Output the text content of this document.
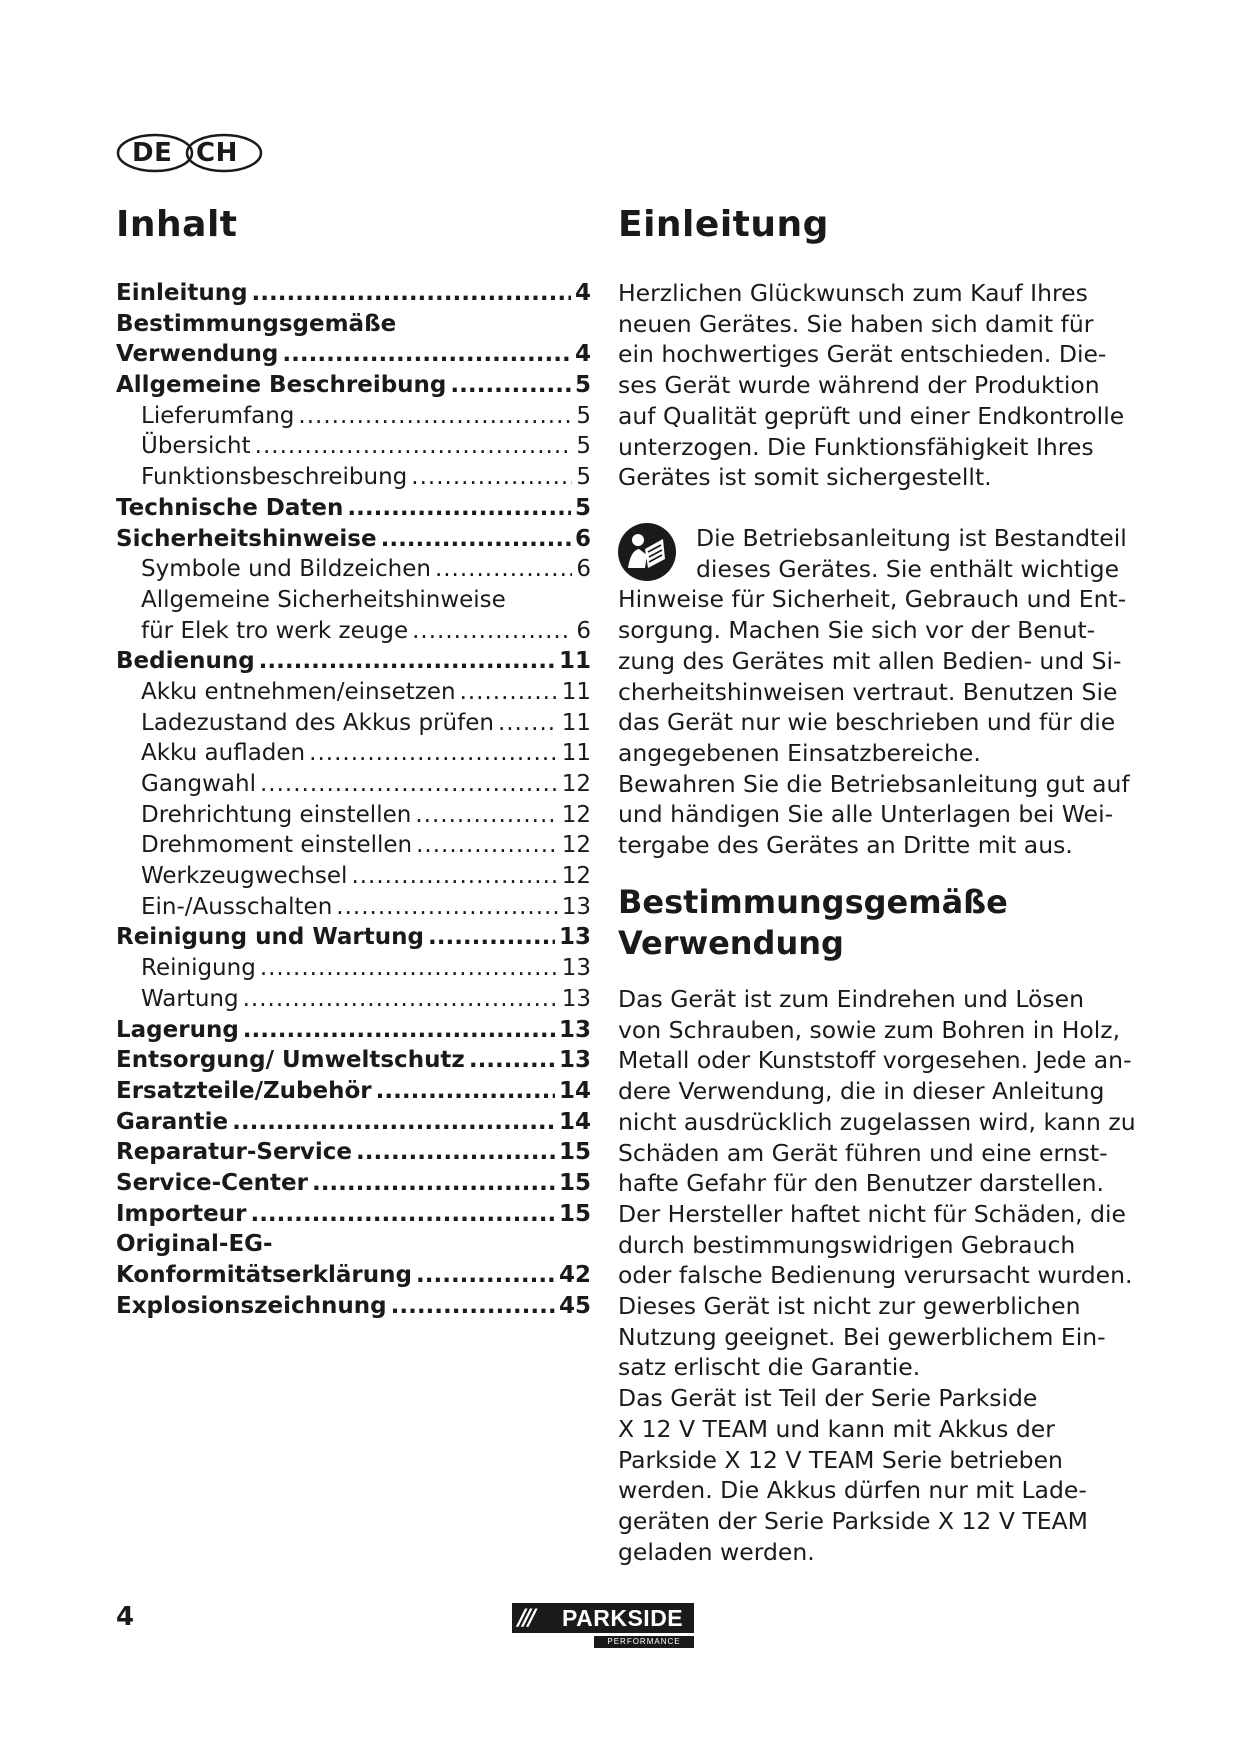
DE CH
Inhalt
Einleitung .....	4
Bestimmungsgemäße
Verwendung .....	4
Allgemeine Beschreibung .....	5
Lieferumfang .....	5
Übersicht .....	5
Funktionsbeschreibung .....	5
Technische Daten .....	5
Sicherheitshinweise .....	6
Symbole und Bildzeichen .....	6
Allgemeine Sicherheitshinweise
für Elek tro werk zeuge .....	6
Bedienung .....	11
Akku entnehmen/einsetzen .....	11
Ladezustand des Akkus prüfen .....	11
Akku aufladen .....	11
Gangwahl .....	12
Drehrichtung einstellen .....	12
Drehmoment einstellen .....	12
Werkzeugwechsel .....	12
Ein-/Ausschalten .....	13
Reinigung und Wartung .....	13
Reinigung .....	13
Wartung .....	13
Lagerung .....	13
Entsorgung/ Umweltschutz .....	13
Ersatzteile/Zubehör .....	14
Garantie .....	14
Reparatur-Service .....	15
Service-Center .....	15
Importeur .....	15
Original-EG-
Konformitätserklärung .....	42
Explosionszeichnung .....	45
Einleitung

Herzlichen Glückwunsch zum Kauf Ihres
neuen Gerätes. Sie haben sich damit für
ein hochwertiges Gerät entschieden. Die-
ses Gerät wurde während der Produktion
auf Qualität geprüft und einer Endkontrolle
unterzogen. Die Funktionsfähigkeit Ihres
Gerätes ist somit sichergestellt.

Die Betriebsanleitung ist Bestandteil
dieses Gerätes. Sie enthält wichtige
Hinweise für Sicherheit, Gebrauch und Ent-
sorgung. Machen Sie sich vor der Benut-
zung des Gerätes mit allen Bedien- und Si-
cherheitshinweisen vertraut. Benutzen Sie
das Gerät nur wie beschrieben und für die
angegebenen Einsatzbereiche.
Bewahren Sie die Betriebsanleitung gut auf
und händigen Sie alle Unterlagen bei Wei-
tergabe des Gerätes an Dritte mit aus.

Bestimmungsgemäße
Verwendung

Das Gerät ist zum Eindrehen und Lösen
von Schrauben, sowie zum Bohren in Holz,
Metall oder Kunststoff vorgesehen. Jede an-
dere Verwendung, die in dieser Anleitung
nicht ausdrücklich zugelassen wird, kann zu
Schäden am Gerät führen und eine ernst-
hafte Gefahr für den Benutzer darstellen.
Der Hersteller haftet nicht für Schäden, die
durch bestimmungswidrigen Gebrauch
oder falsche Bedienung verursacht wurden.
Dieses Gerät ist nicht zur gewerblichen
Nutzung geeignet. Bei gewerblichem Ein-
satz erlischt die Garantie.
Das Gerät ist Teil der Serie Parkside
X 12 V TEAM und kann mit Akkus der
Parkside X 12 V TEAM Serie betrieben
werden. Die Akkus dürfen nur mit Lade-
geräten der Serie Parkside X 12 V TEAM
geladen werden.

4	///	PARKSIDE
PERFORMANCE
